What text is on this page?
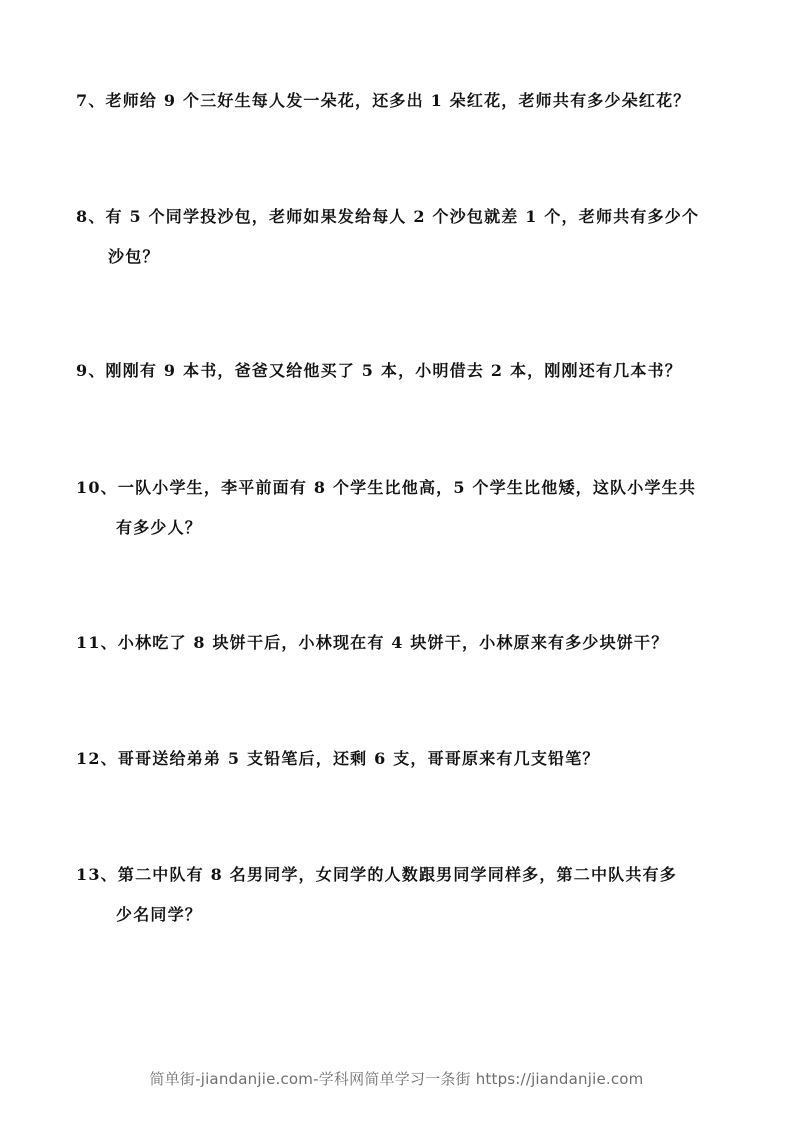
7、老师给 9 个三好生每人发一朵花，还多出 1 朵红花，老师共有多少朵红花？
8、有 5 个同学投沙包，老师如果发给每人 2 个沙包就差 1 个，老师共有多少个
沙包？
9、刚刚有 9 本书，爸爸又给他买了 5 本，小明借去 2 本，刚刚还有几本书？
10、一队小学生，李平前面有 8 个学生比他高，5 个学生比他矮，这队小学生共
有多少人？
11、小林吃了 8 块饼干后，小林现在有 4 块饼干，小林原来有多少块饼干？
12、哥哥送给弟弟 5 支铅笔后，还剩 6 支，哥哥原来有几支铅笔？
13、第二中队有 8 名男同学，女同学的人数跟男同学同样多，第二中队共有多
少名同学？
简单街-jiandanjie.com-学科网简单学习一条街 https://jiandanjie.com
